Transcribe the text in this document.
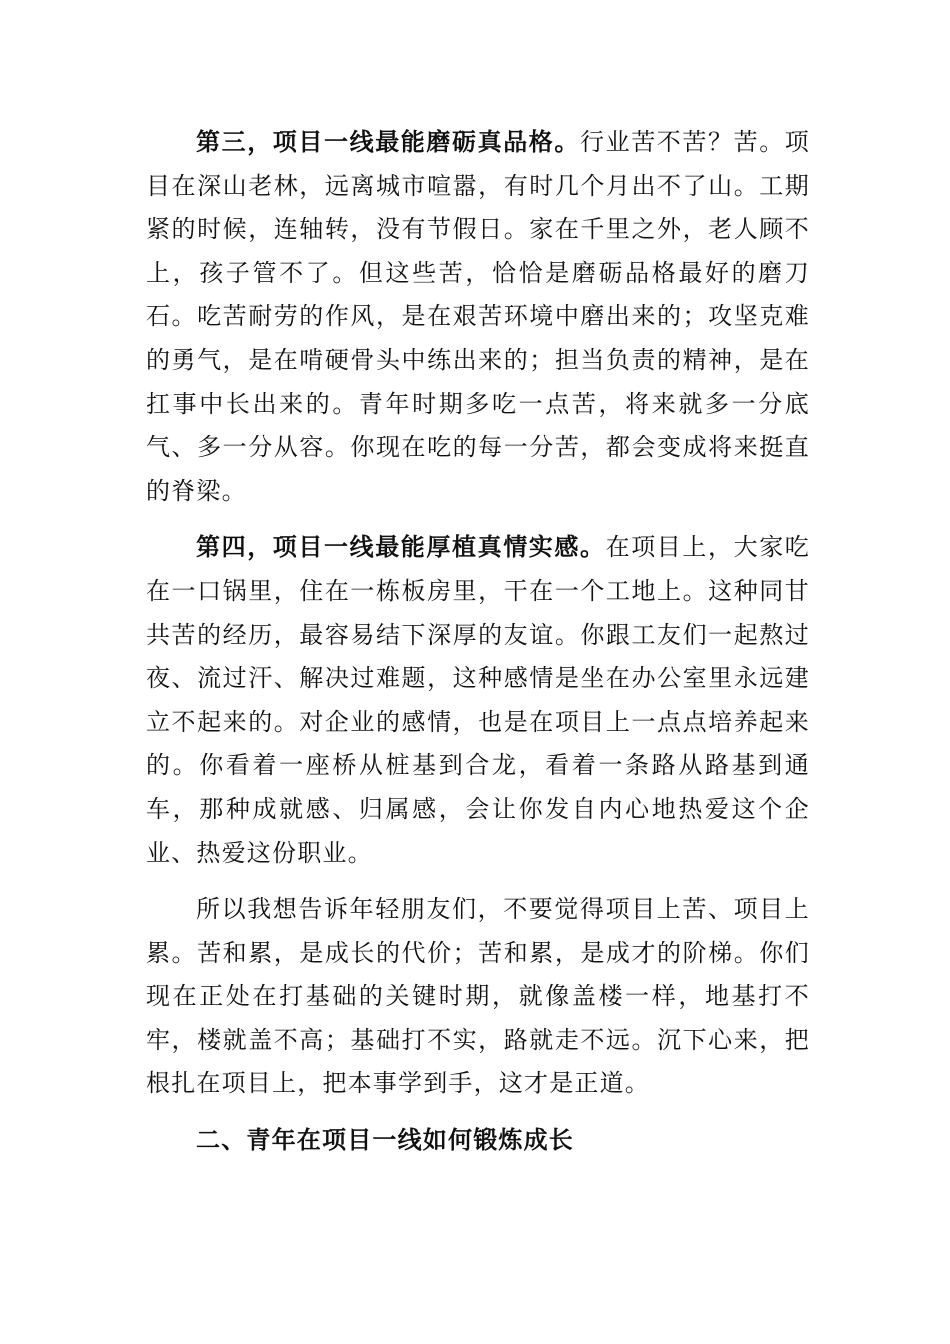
第三，项目一线最能磨砺真品格。行业苦不苦？苦。项目在深山老林，远离城市喧嚣，有时几个月出不了山。工期紧的时候，连轴转，没有节假日。家在千里之外，老人顾不上，孩子管不了。但这些苦，恰恰是磨砺品格最好的磨刀石。吃苦耐劳的作风，是在艰苦环境中磨出来的；攻坚克难的勇气，是在啃硬骨头中练出来的；担当负责的精神，是在扛事中长出来的。青年时期多吃一点苦，将来就多一分底气、多一分从容。你现在吃的每一分苦，都会变成将来挺直的脊梁。

第四，项目一线最能厚植真情实感。在项目上，大家吃在一口锅里，住在一栋板房里，干在一个工地上。这种同甘共苦的经历，最容易结下深厚的友谊。你跟工友们一起熬过夜、流过汗、解决过难题，这种感情是坐在办公室里永远建立不起来的。对企业的感情，也是在项目上一点点培养起来的。你看着一座桥从桩基到合龙，看着一条路从路基到通车，那种成就感、归属感，会让你发自内心地热爱这个企业、热爱这份职业。

所以我想告诉年轻朋友们，不要觉得项目上苦、项目上累。苦和累，是成长的代价；苦和累，是成才的阶梯。你们现在正处在打基础的关键时期，就像盖楼一样，地基打不牢，楼就盖不高；基础打不实，路就走不远。沉下心来，把根扎在项目上，把本事学到手，这才是正道。

二、青年在项目一线如何锻炼成长
